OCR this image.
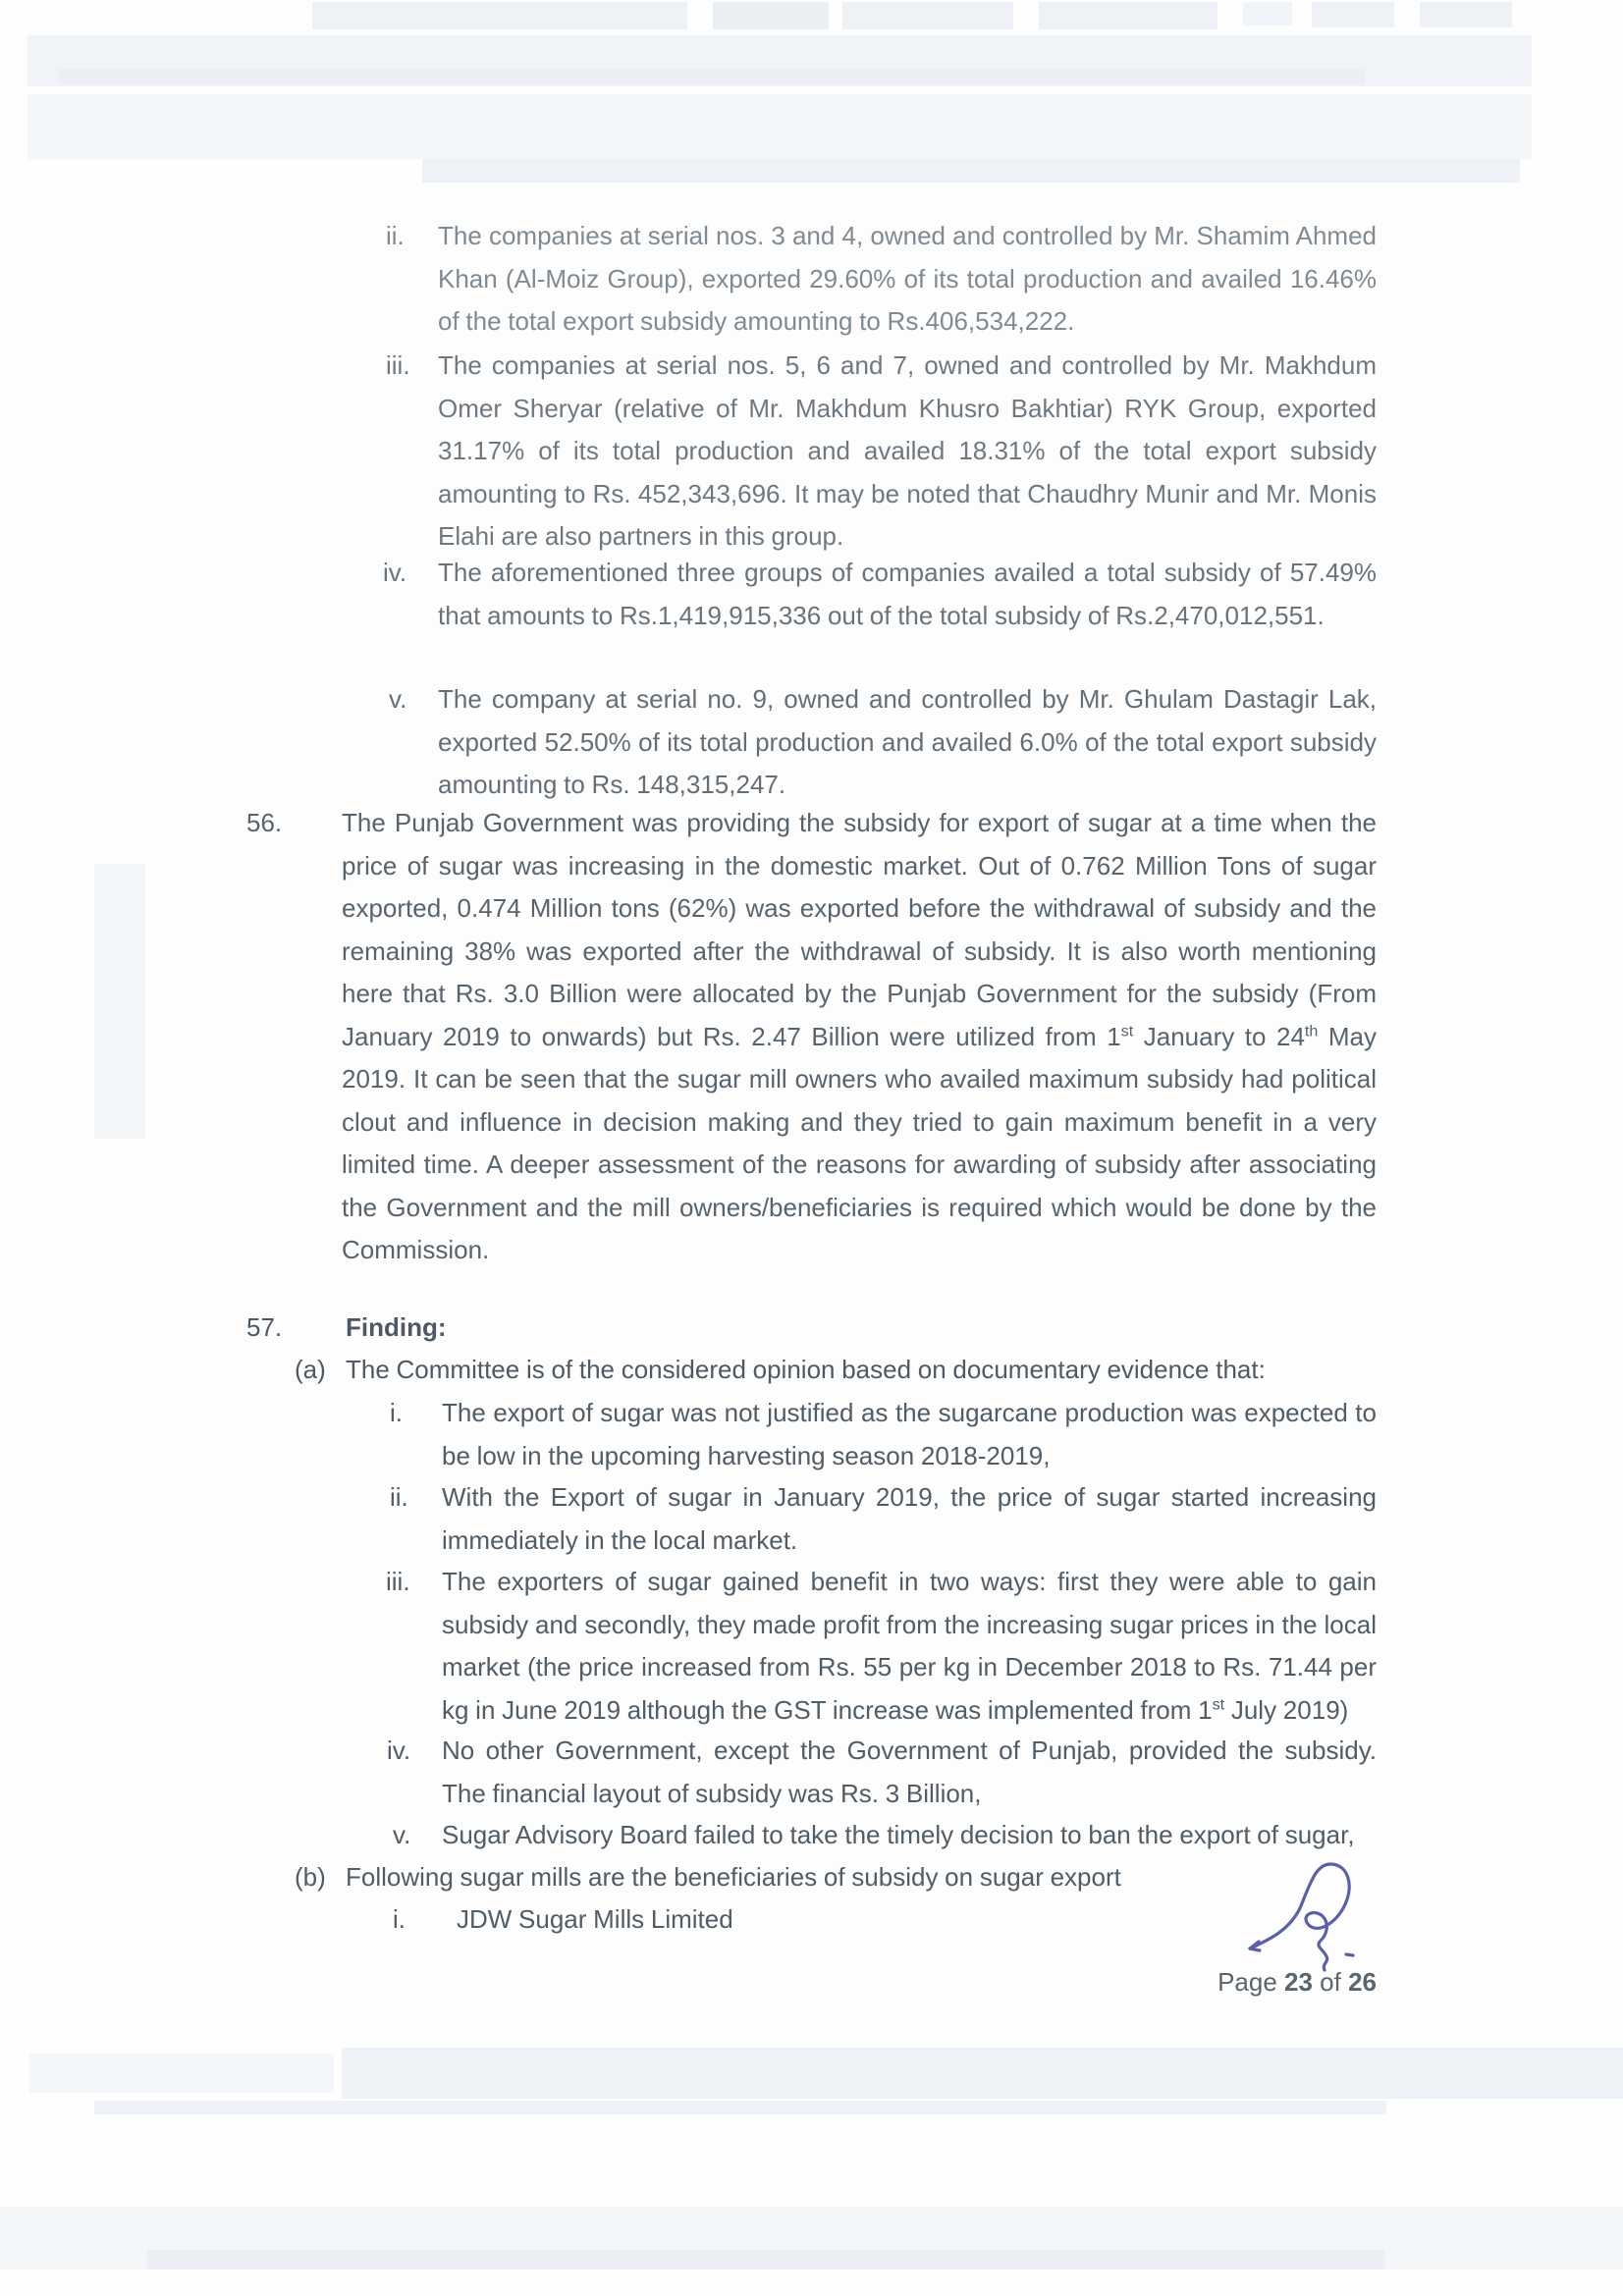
ii.	The companies at serial nos. 3 and 4, owned and controlled by Mr. Shamim Ahmed Khan (Al-Moiz Group), exported 29.60% of its total production and availed 16.46% of the total export subsidy amounting to Rs.406,534,222.
iii.	The companies at serial nos. 5, 6 and 7, owned and controlled by Mr. Makhdum Omer Sheryar (relative of Mr. Makhdum Khusro Bakhtiar) RYK Group, exported 31.17% of its total production and availed 18.31% of the total export subsidy amounting to Rs. 452,343,696. It may be noted that Chaudhry Munir and Mr. Monis Elahi are also partners in this group.
iv.	The aforementioned three groups of companies availed a total subsidy of 57.49% that amounts to Rs.1,419,915,336 out of the total subsidy of Rs.2,470,012,551.
v.	The company at serial no. 9, owned and controlled by Mr. Ghulam Dastagir Lak, exported 52.50% of its total production and availed 6.0% of the total export subsidy amounting to Rs. 148,315,247.
56.	The Punjab Government was providing the subsidy for export of sugar at a time when the price of sugar was increasing in the domestic market. Out of 0.762 Million Tons of sugar exported, 0.474 Million tons (62%) was exported before the withdrawal of subsidy and the remaining 38% was exported after the withdrawal of subsidy. It is also worth mentioning here that Rs. 3.0 Billion were allocated by the Punjab Government for the subsidy (From January 2019 to onwards) but Rs. 2.47 Billion were utilized from 1st January to 24th May 2019. It can be seen that the sugar mill owners who availed maximum subsidy had political clout and influence in decision making and they tried to gain maximum benefit in a very limited time. A deeper assessment of the reasons for awarding of subsidy after associating the Government and the mill owners/beneficiaries is required which would be done by the Commission.
57.	Finding:
(a) The Committee is of the considered opinion based on documentary evidence that:
i.	The export of sugar was not justified as the sugarcane production was expected to be low in the upcoming harvesting season 2018-2019,
ii.	With the Export of sugar in January 2019, the price of sugar started increasing immediately in the local market.
iii.	The exporters of sugar gained benefit in two ways: first they were able to gain subsidy and secondly, they made profit from the increasing sugar prices in the local market (the price increased from Rs. 55 per kg in December 2018 to Rs. 71.44 per kg in June 2019 although the GST increase was implemented from 1st July 2019)
iv.	No other Government, except the Government of Punjab, provided the subsidy. The financial layout of subsidy was Rs. 3 Billion,
v.	Sugar Advisory Board failed to take the timely decision to ban the export of sugar,
(b) Following sugar mills are the beneficiaries of subsidy on sugar export
i.	JDW Sugar Mills Limited
Page 23 of 26
